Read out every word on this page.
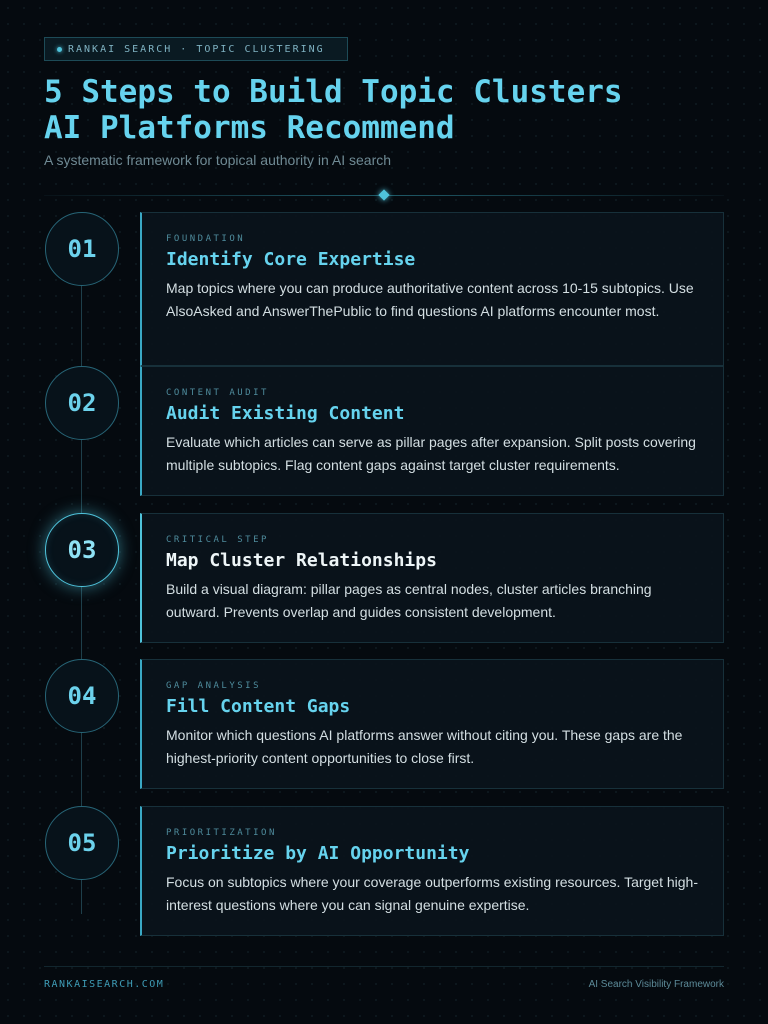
RANKAI SEARCH · TOPIC CLUSTERING
5 Steps to Build Topic Clusters
AI Platforms Recommend
A systematic framework for topical authority in AI search
01	FOUNDATION
Identify Core Expertise
Map topics where you can produce authoritative content across 10-15 subtopics. Use AlsoAsked and AnswerThePublic to find questions AI platforms encounter most.
02	CONTENT AUDIT
Audit Existing Content
Evaluate which articles can serve as pillar pages after expansion. Split posts covering multiple subtopics. Flag content gaps against target cluster requirements.
03	CRITICAL STEP
Map Cluster Relationships
Build a visual diagram: pillar pages as central nodes, cluster articles branching outward. Prevents overlap and guides consistent development.
04	GAP ANALYSIS
Fill Content Gaps
Monitor which questions AI platforms answer without citing you. These gaps are the highest-priority content opportunities to close first.
05	PRIORITIZATION
Prioritize by AI Opportunity
Focus on subtopics where your coverage outperforms existing resources. Target high-interest questions where you can signal genuine expertise.
RANKAISEARCH.COM	AI Search Visibility Framework
